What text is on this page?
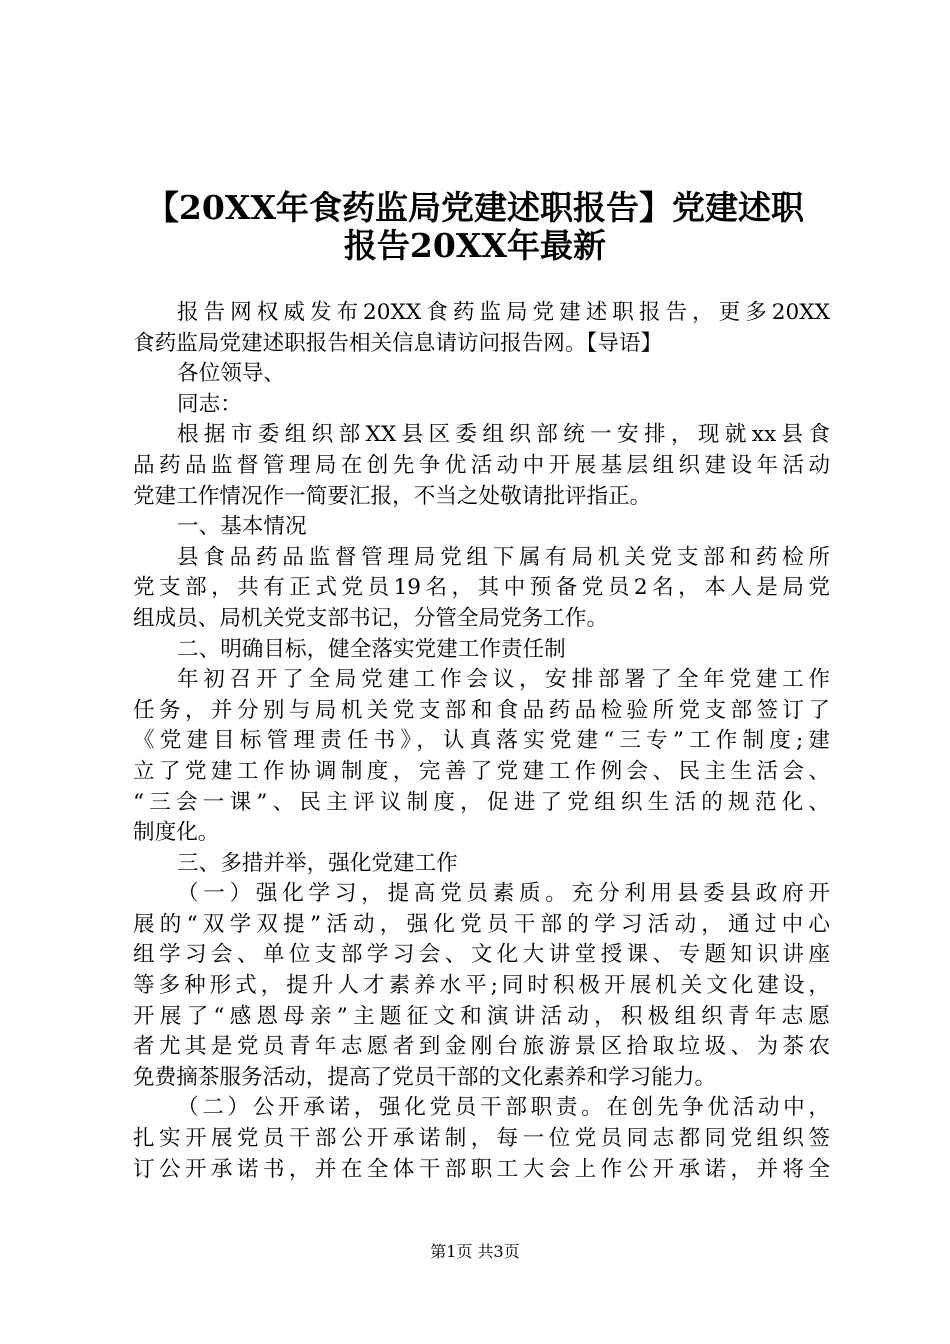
【20XX年食药监局党建述职报告】党建述职
报告20XX年最新
报告网权威发布20XX食药监局党建述职报告，更多20XX
食药监局党建述职报告相关信息请访问报告网。【导语】
各位领导、
同志：
根据市委组织部XX县区委组织部统一安排，现就xx县食
品药品监督管理局在创先争优活动中开展基层组织建设年活动
党建工作情况作一简要汇报，不当之处敬请批评指正。
一、基本情况
县食品药品监督管理局党组下属有局机关党支部和药检所
党支部，共有正式党员19名，其中预备党员2名，本人是局党
组成员、局机关党支部书记，分管全局党务工作。
二、明确目标，健全落实党建工作责任制
年初召开了全局党建工作会议，安排部署了全年党建工作
任务，并分别与局机关党支部和食品药品检验所党支部签订了
《党建目标管理责任书》，认真落实党建“三专”工作制度;建
立了党建工作协调制度，完善了党建工作例会、民主生活会、
“三会一课”、民主评议制度，促进了党组织生活的规范化、
制度化。
三、多措并举，强化党建工作
（一）强化学习，提高党员素质。充分利用县委县政府开
展的“双学双提”活动，强化党员干部的学习活动，通过中心
组学习会、单位支部学习会、文化大讲堂授课、专题知识讲座
等多种形式，提升人才素养水平;同时积极开展机关文化建设，
开展了“感恩母亲”主题征文和演讲活动，积极组织青年志愿
者尤其是党员青年志愿者到金刚台旅游景区拾取垃圾、为茶农
免费摘茶服务活动，提高了党员干部的文化素养和学习能力。
（二）公开承诺，强化党员干部职责。在创先争优活动中，
扎实开展党员干部公开承诺制，每一位党员同志都同党组织签
订公开承诺书，并在全体干部职工大会上作公开承诺，并将全
第1页 共3页
